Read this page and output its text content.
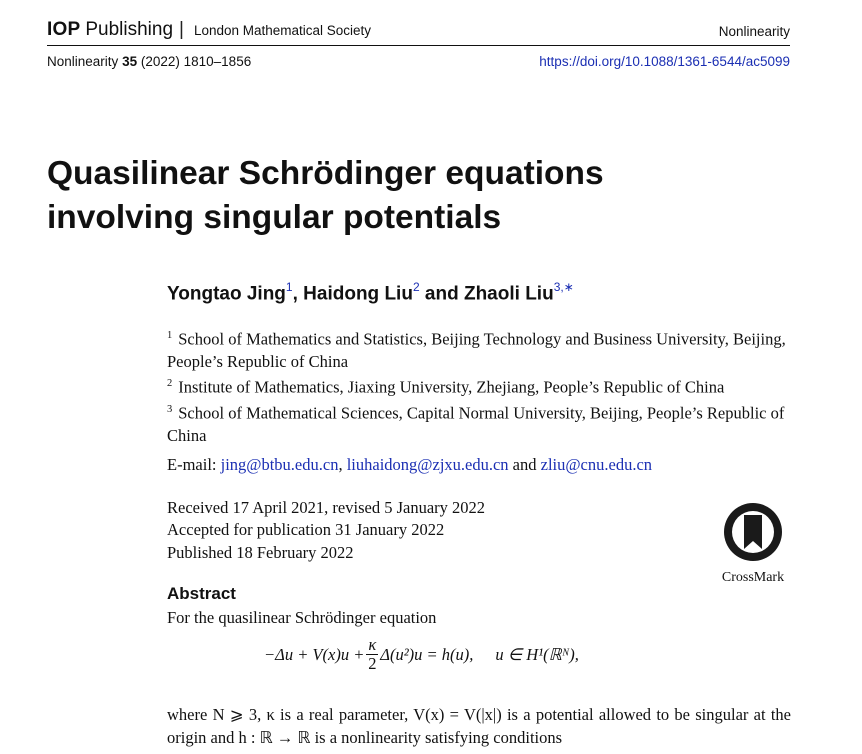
IOP Publishing | London Mathematical Society	Nonlinearity
Nonlinearity 35 (2022) 1810–1856	https://doi.org/10.1088/1361-6544/ac5099
Quasilinear Schrödinger equations
involving singular potentials
Yongtao Jing$^1$, Haidong Liu$^2$ and Zhaoli Liu$^{3,∗}$

$^1$ School of Mathematics and Statistics, Beijing Technology and Business University, Beijing, People’s Republic of China

$^2$ Institute of Mathematics, Jiaxing University, Zhejiang, People’s Republic of China

$^3$ School of Mathematical Sciences, Capital Normal University, Beijing, People’s Republic of China

E-mail: jing@btbu.edu.cn, liuhaidong@zjxu.edu.cn and zliu@cnu.edu.cn

Received 17 April 2021, revised 5 January 2022

Accepted for publication 31 January 2022

Published 18 February 2022

CrossMark
Abstract
For the quasilinear Schrödinger equation
$-\Delta u + V(x)u + \frac{\kappa}{2} \Delta(u^2)u = h(u)$, u ∈ H¹(ℝᴺ),
where N ⩾ 3, κ is a real parameter, V(x) = V(|x|) is a potential allowed to be singular at the origin and h : ℝ → ℝ is a nonlinearity satisfying conditions
